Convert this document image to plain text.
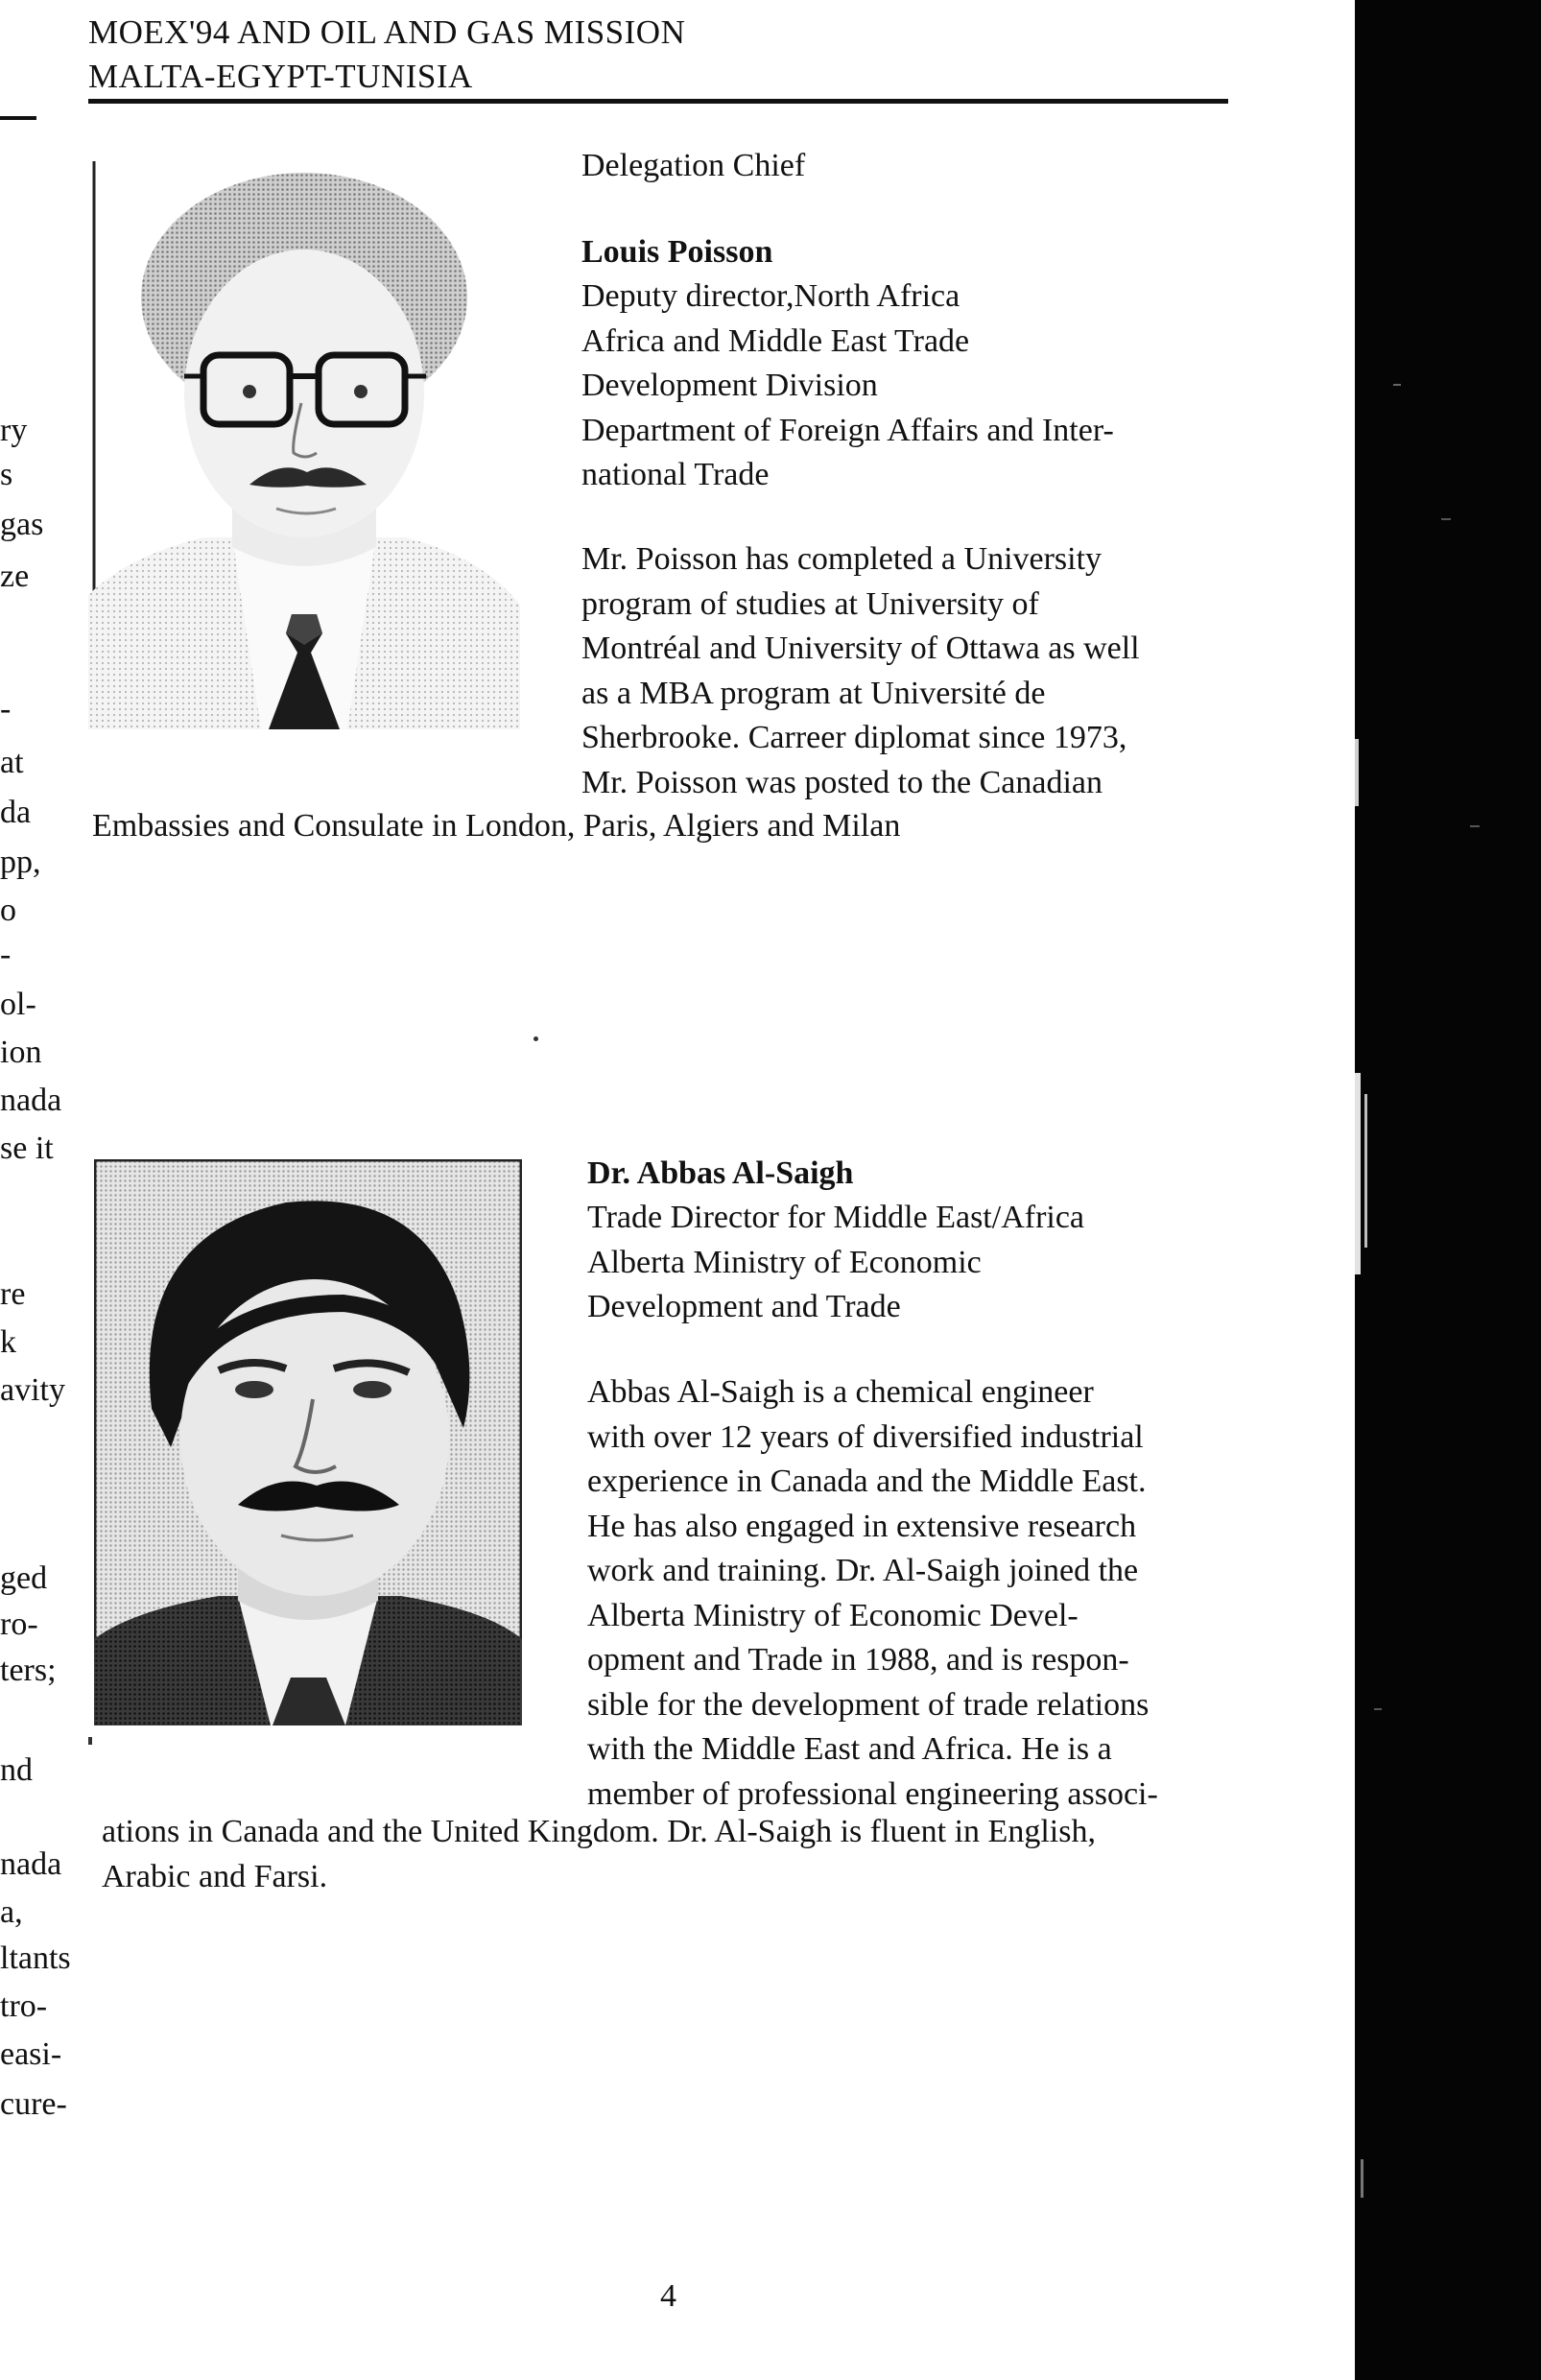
MOEX'94 AND OIL AND GAS MISSION
MALTA-EGYPT-TUNISIA
ry
s
gas
ze
-
at
da
pp,
o
-
ol-
ion
nada
se it
re
k
avity
ged
ro-
ters;
nd
nada
a,
ltants
tro-
easi-
cure-
Delegation Chief
Louis Poisson
Deputy director,North Africa
Africa and Middle East Trade
Development Division
Department of Foreign Affairs and Inter-
national Trade
Mr. Poisson has completed a University
program of studies at University of
Montréal and University of Ottawa as well
as a MBA program at Université de
Sherbrooke. Carreer diplomat since 1973,
Mr. Poisson was posted to the Canadian
Embassies and Consulate in London, Paris, Algiers and Milan
Dr. Abbas Al-Saigh
Trade Director for Middle East/Africa
Alberta Ministry of Economic
Development and Trade
Abbas Al-Saigh is a chemical engineer
with over 12 years of diversified industrial
experience in Canada and the Middle East.
He has also engaged in extensive research
work and training. Dr. Al-Saigh joined the
Alberta Ministry of Economic Devel-
opment and Trade in 1988, and is respon-
sible for the development of trade relations
with the Middle East and Africa. He is a
member of professional engineering associ-
ations in Canada and the United Kingdom. Dr. Al-Saigh is fluent in English,
Arabic and Farsi.
4
